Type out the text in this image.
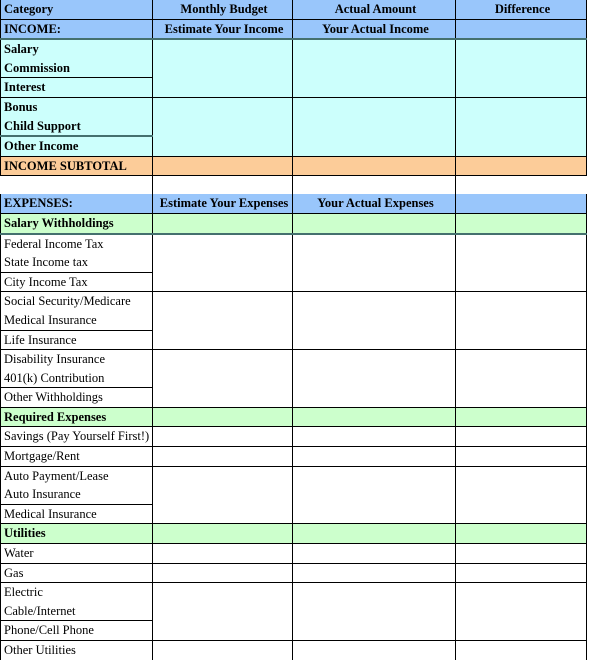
Category	Monthly Budget	Actual Amount	Difference
INCOME:	Estimate Your Income	Your Actual Income	
Salary			
Commission			
Interest			
Bonus			
Child Support			
Other Income			
INCOME SUBTOTAL			

EXPENSES:	Estimate Your Expenses	Your Actual Expenses	
Salary Withholdings			
Federal Income Tax			
State Income tax			
City Income Tax			
Social Security/Medicare			
Medical Insurance			
Life Insurance			
Disability Insurance			
401(k) Contribution			
Other Withholdings			
Required Expenses			
Savings (Pay Yourself First!)			
Mortgage/Rent			
Auto Payment/Lease			
Auto Insurance			
Medical Insurance			
Utilities			
Water			
Gas			
Electric			
Cable/Internet			
Phone/Cell Phone			
Other Utilities			
